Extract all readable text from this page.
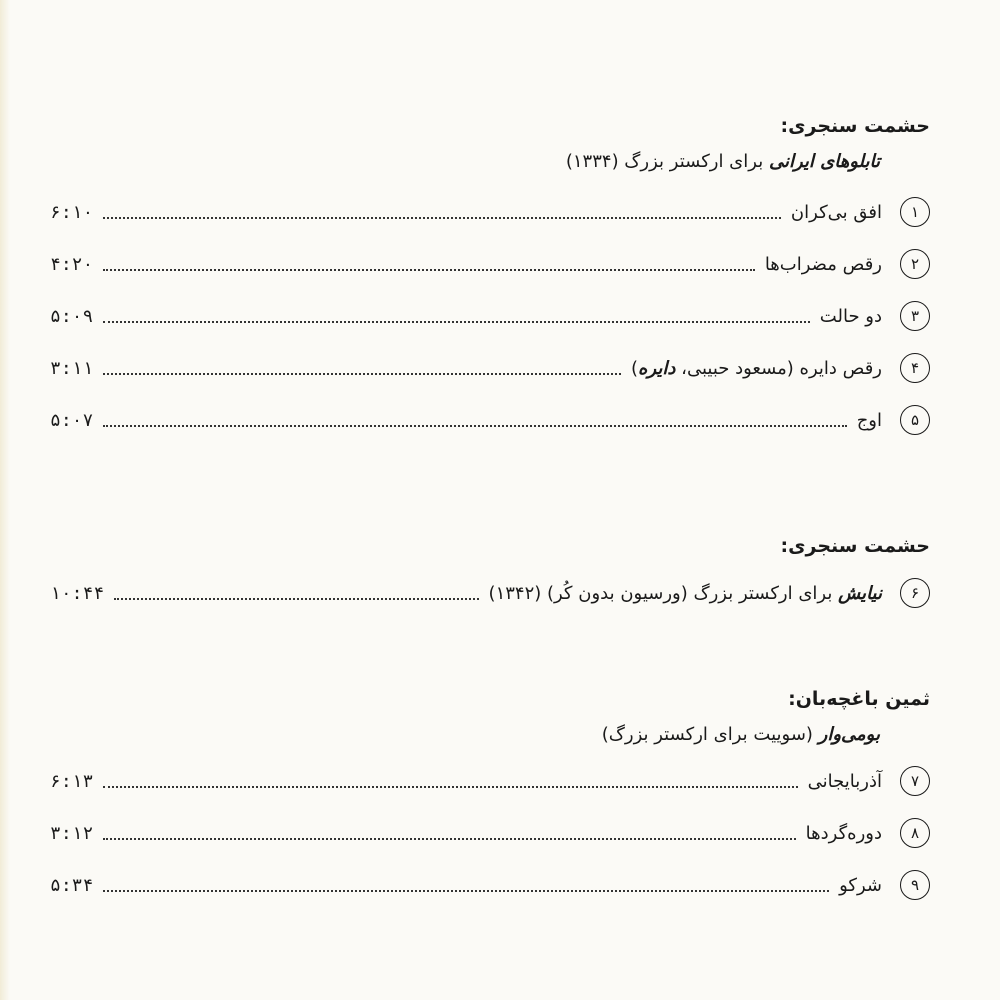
حشمت سنجری:

تابلوهای ایرانی برای ارکستر بزرگ (۱۳۳۴)

۱
افق بی‌کران
۶:۱۰
۲
رقص مضراب‌ها
۴:۲۰
۳
دو حالت
۵:۰۹
۴
رقص دایره (مسعود حبیبی، دایره)
۳:۱۱
۵
اوج
۵:۰۷

حشمت سنجری:

۶
نیایش برای ارکستر بزرگ (ورسیون بدون کُر) (۱۳۴۲)
۱۰:۴۴

ثمین باغچه‌بان:

بومی‌وار (سوییت برای ارکستر بزرگ)

۷
آذربایجانی
۶:۱۳
۸
دوره‌گردها
۳:۱۲
۹
شرکو
۵:۳۴
